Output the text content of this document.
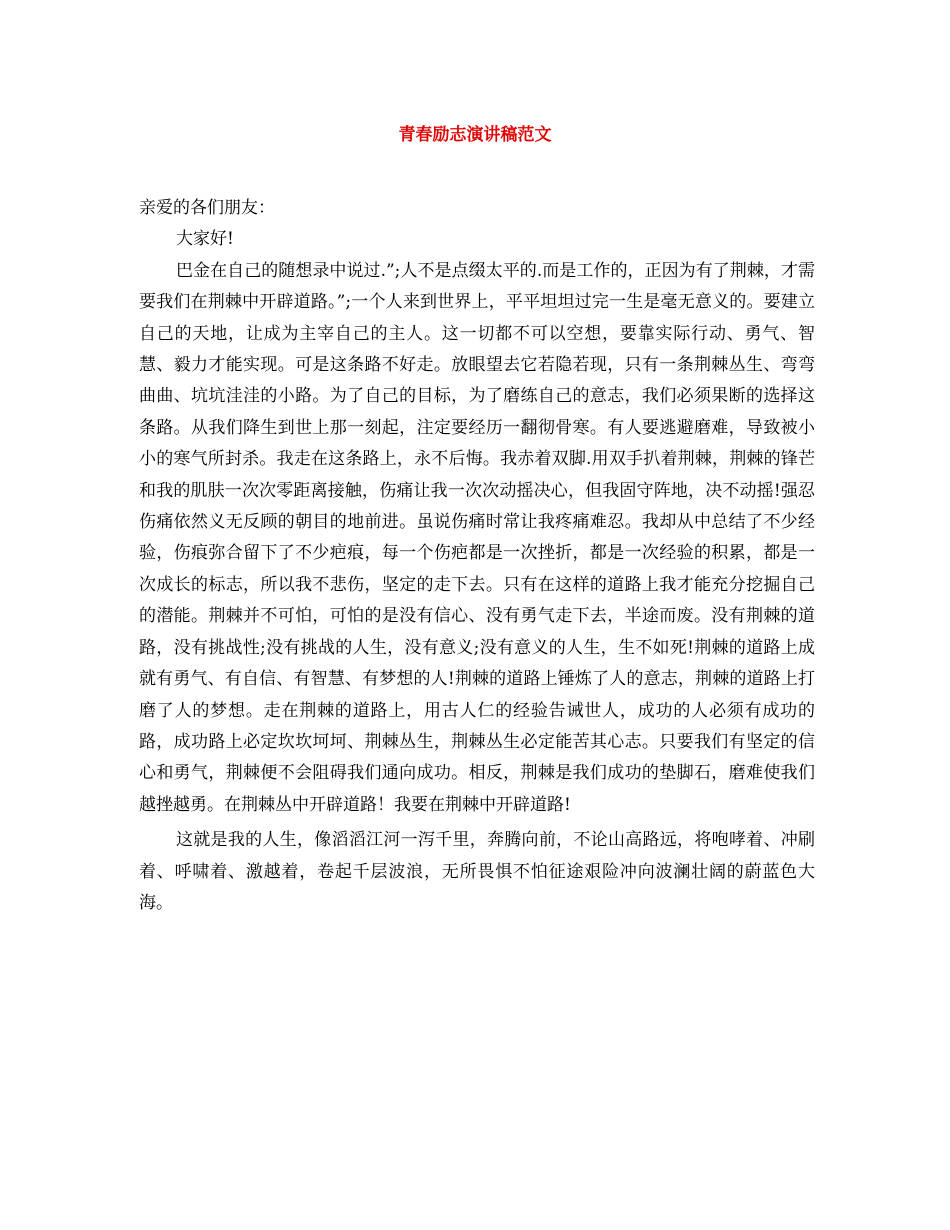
青春励志演讲稿范文

亲爱的各们朋友：

大家好!

巴金在自己的随想录中说过.”;人不是点缀太平的.而是工作的，正因为有了荆棘，才需要我们在荆棘中开辟道路。”;一个人来到世界上，平平坦坦过完一生是毫无意义的。要建立自己的天地，让成为主宰自己的主人。这一切都不可以空想，要靠实际行动、勇气、智慧、毅力才能实现。可是这条路不好走。放眼望去它若隐若现，只有一条荆棘丛生、弯弯曲曲、坑坑洼洼的小路。为了自己的目标，为了磨练自己的意志，我们必须果断的选择这条路。从我们降生到世上那一刻起，注定要经历一翻彻骨寒。有人要逃避磨难，导致被小小的寒气所封杀。我走在这条路上，永不后悔。我赤着双脚.用双手扒着荆棘，荆棘的锋芒和我的肌肤一次次零距离接触，伤痛让我一次次动摇决心，但我固守阵地，决不动摇!强忍伤痛依然义无反顾的朝目的地前进。虽说伤痛时常让我疼痛难忍。我却从中总结了不少经验，伤痕弥合留下了不少疤痕，每一个伤疤都是一次挫折，都是一次经验的积累，都是一次成长的标志，所以我不悲伤，坚定的走下去。只有在这样的道路上我才能充分挖掘自己的潜能。荆棘并不可怕，可怕的是没有信心、没有勇气走下去，半途而废。没有荆棘的道路，没有挑战性;没有挑战的人生，没有意义;没有意义的人生，生不如死!荆棘的道路上成就有勇气、有自信、有智慧、有梦想的人!荆棘的道路上锤炼了人的意志，荆棘的道路上打磨了人的梦想。走在荆棘的道路上，用古人仁的经验告诫世人，成功的人必须有成功的路，成功路上必定坎坎坷坷、荆棘丛生，荆棘丛生必定能苦其心志。只要我们有坚定的信心和勇气，荆棘便不会阻碍我们通向成功。相反，荆棘是我们成功的垫脚石，磨难使我们越挫越勇。在荆棘丛中开辟道路！我要在荆棘中开辟道路!

这就是我的人生，像滔滔江河一泻千里，奔腾向前，不论山高路远，将咆哮着、冲刷着、呼啸着、激越着，卷起千层波浪，无所畏惧不怕征途艰险冲向波澜壮阔的蔚蓝色大海。
